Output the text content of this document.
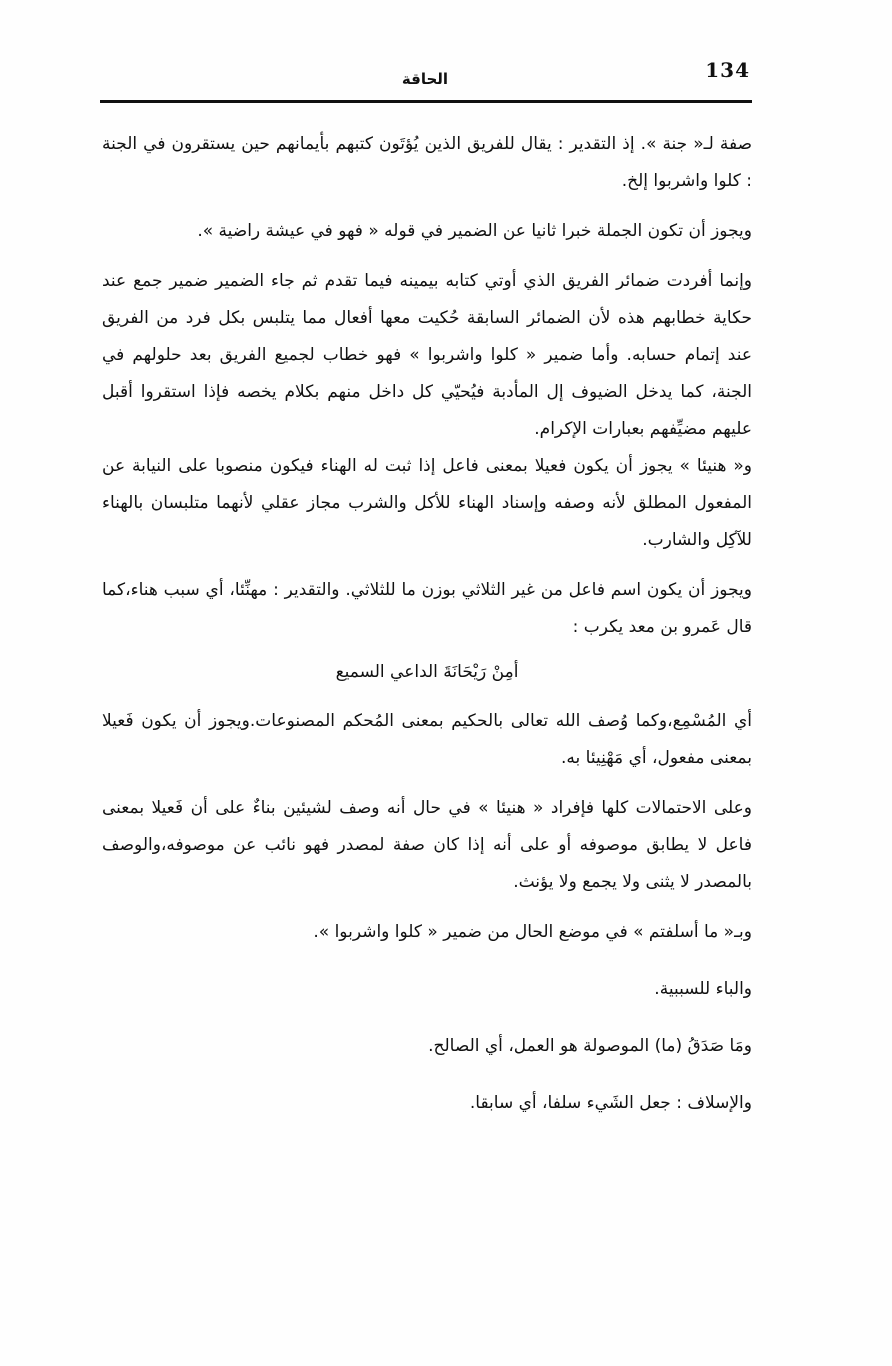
134
الحاقة

صفة لـ« جنة ». إذ التقدير : يقال للفريق الذين يُؤتَون كتبهم بأيمانهم حين يستقرون في الجنة : كلوا واشربوا إلخ.

ويجوز أن تكون الجملة خبرا ثانيا عن الضمير في قوله « فهو في عيشة راضية ».

وإنما أفردت ضمائر الفريق الذي أوتي كتابه بيمينه فيما تقدم ثم جاء الضمير ضمير جمع عند حكاية خطابهم هذه لأن الضمائر السابقة حُكيت معها أفعال مما يتلبس بكل فرد من الفريق عند إتمام حسابه. وأما ضمير « كلوا واشربوا » فهو خطاب لجميع الفريق بعد حلولهم في الجنة، كما يدخل الضيوف إل المأدبة فيُحيّي كل داخل منهم بكلام يخصه فإذا استقروا أقبل عليهم مضيِّفهم بعبارات الإكرام.

و« هنيئا » يجوز أن يكون فعيلا بمعنى فاعل إذا ثبت له الهناء فيكون منصوبا على النيابة عن المفعول المطلق لأنه وصفه وإسناد الهناء للأكل والشرب مجاز عقلي لأنهما متلبسان بالهناء للآكِل والشارب.

ويجوز أن يكون اسم فاعل من غير الثلاثي بوزن ما للثلاثي. والتقدير : مهنِّئا، أي سبب هناء،كما قال عَمرو بن معد يكرب :

أمِنْ رَيْحَانَةَ الداعي السميع

أي المُسْمِع،وكما وُصف الله تعالى بالحكيم بمعنى المُحكم المصنوعات.ويجوز أن يكون فَعيلا بمعنى مفعول، أي مَهْنِيئا به.

وعلى الاحتمالات كلها فإفراد « هنيئا » في حال أنه وصف لشيئين بناءٌ على أن فَعيلا بمعنى فاعل لا يطابق موصوفه أو على أنه إذا كان صفة لمصدر فهو نائب عن موصوفه،والوصف بالمصدر لا يثنى ولا يجمع ولا يؤنث.

وبـ« ما أسلفتم » في موضع الحال من ضمير « كلوا واشربوا ».

والباء للسببية.

ومَا صَدَقُ (ما) الموصولة هو العمل، أي الصالح.

والإسلاف : جعل الشَيء سلفا، أي سابقا.
